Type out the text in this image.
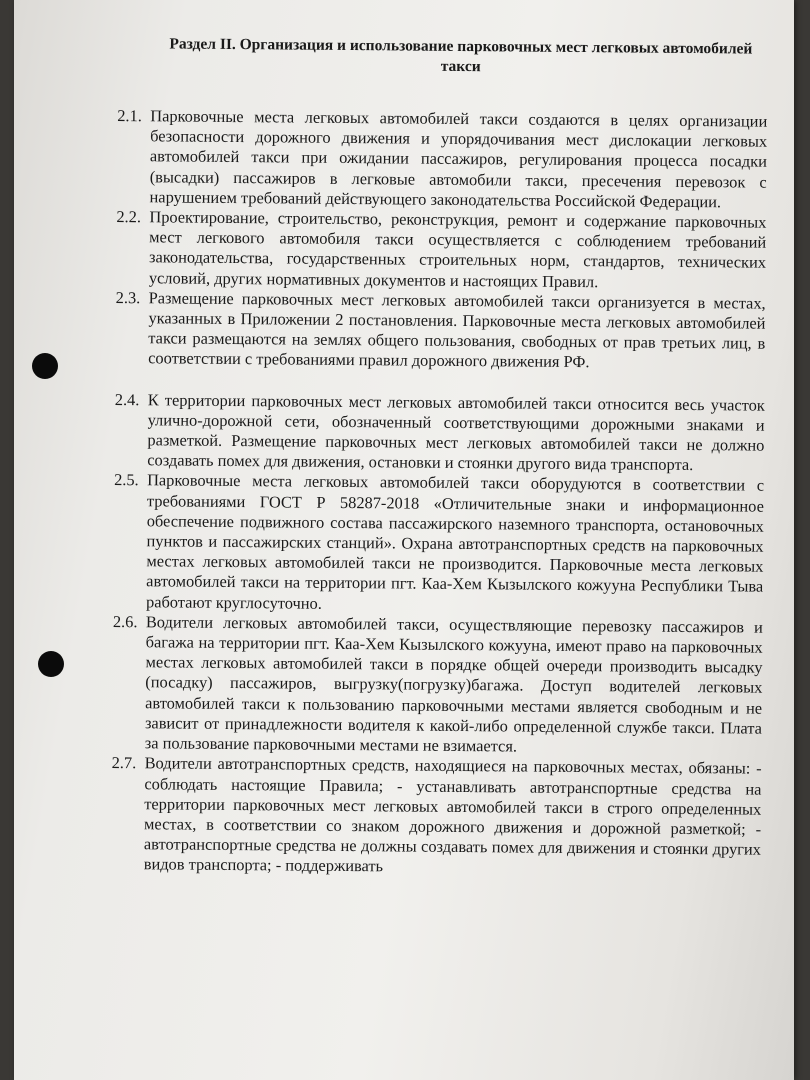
Раздел II. Организация и использование парковочных мест легковых автомобилей такси

2.1. Парковочные места легковых автомобилей такси создаются в целях организации безопасности дорожного движения и упорядочивания мест дислокации легковых автомобилей такси при ожидании пассажиров, регулирования процесса посадки (высадки) пассажиров в легковые автомобили такси, пресечения перевозок с нарушением требований действующего законодательства Российской Федерации.

2.2. Проектирование, строительство, реконструкция, ремонт и содержание парковочных мест легкового автомобиля такси осуществляется с соблюдением требований законодательства, государственных строительных норм, стандартов, технических условий, других нормативных документов и настоящих Правил.

2.3. Размещение парковочных мест легковых автомобилей такси организуется в местах, указанных в Приложении 2 постановления. Парковочные места легковых автомобилей такси размещаются на землях общего пользования, свободных от прав третьих лиц, в соответствии с требованиями правил дорожного движения РФ.

2.4. К территории парковочных мест легковых автомобилей такси относится весь участок улично-дорожной сети, обозначенный соответствующими дорожными знаками и разметкой. Размещение парковочных мест легковых автомобилей такси не должно создавать помех для движения, остановки и стоянки другого вида транспорта.

2.5. Парковочные места легковых автомобилей такси оборудуются в соответствии с требованиями ГОСТ Р 58287-2018 «Отличительные знаки и информационное обеспечение подвижного состава пассажирского наземного транспорта, остановочных пунктов и пассажирских станций». Охрана автотранспортных средств на парковочных местах легковых автомобилей такси не производится. Парковочные места легковых автомобилей такси на территории пгт. Каа-Хем Кызылского кожууна Республики Тыва работают круглосуточно.

2.6. Водители легковых автомобилей такси, осуществляющие перевозку пассажиров и багажа на территории пгт. Каа-Хем Кызылского кожууна, имеют право на парковочных местах легковых автомобилей такси в порядке общей очереди производить высадку (посадку) пассажиров, выгрузку(погрузку)багажа. Доступ водителей легковых автомобилей такси к пользованию парковочными местами является свободным и не зависит от принадлежности водителя к какой-либо определенной службе такси. Плата за пользование парковочными местами не взимается.

2.7. Водители автотранспортных средств, находящиеся на парковочных местах, обязаны: - соблюдать настоящие Правила; - устанавливать автотранспортные средства на территории парковочных мест легковых автомобилей такси в строго определенных местах, в соответствии со знаком дорожного движения и дорожной разметкой; - автотранспортные средства не должны создавать помех для движения и стоянки других видов транспорта; - поддерживать
